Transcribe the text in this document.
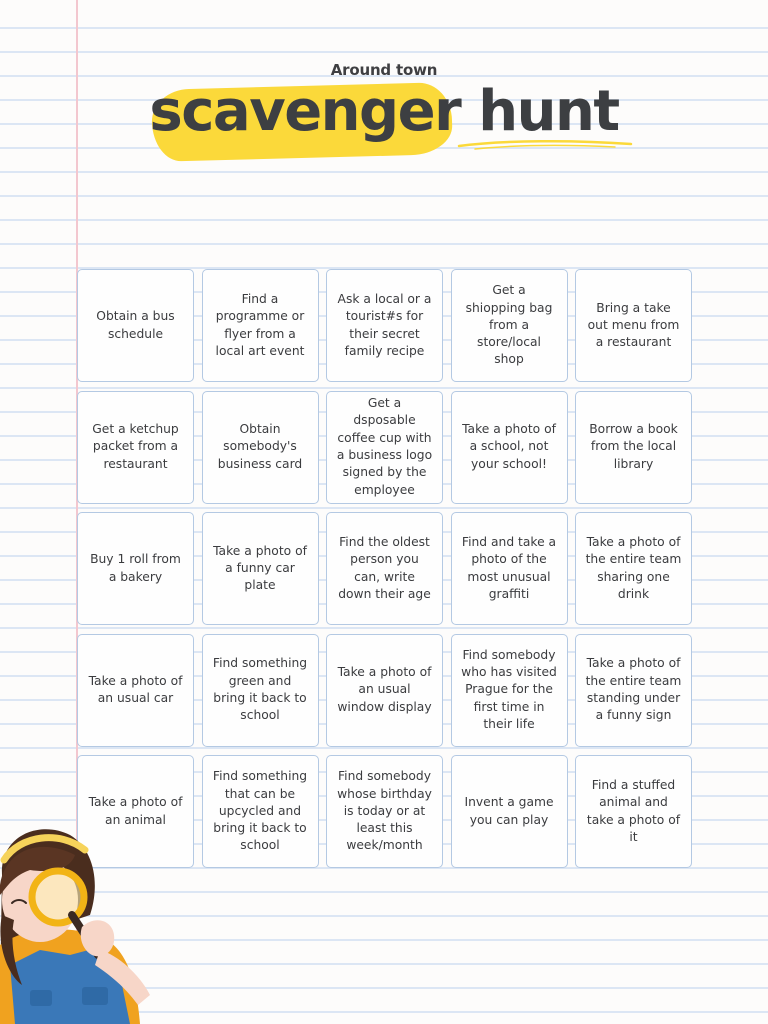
Around town
scavenger hunt
Obtain a bus schedule
Find a programme or flyer from a local art event
Ask a local or a tourist#s for their secret family recipe
Get a shiopping bag from a store/local shop
Bring a take out menu from a restaurant
Get a ketchup packet from a restaurant
Obtain somebody's business card
Get a dsposable coffee cup with a business logo signed by the employee
Take a photo of a school, not your school!
Borrow a book from the local library
Buy 1 roll from a bakery
Take a photo of a funny car plate
Find the oldest person you can, write down their age
Find and take a photo of the most unusual graffiti
Take a photo of the entire team sharing one drink
Take a photo of an usual car
Find something green and bring it back to school
Take a photo of an usual window display
Find somebody who has visited Prague for the first time in their life
Take a photo of the entire team standing under a funny sign
Take a photo of an animal
Find something that can be upcycled and bring it back to school
Find somebody whose birthday is today or at least this week/month
Invent a game you can play
Find a stuffed animal and take a photo of it
